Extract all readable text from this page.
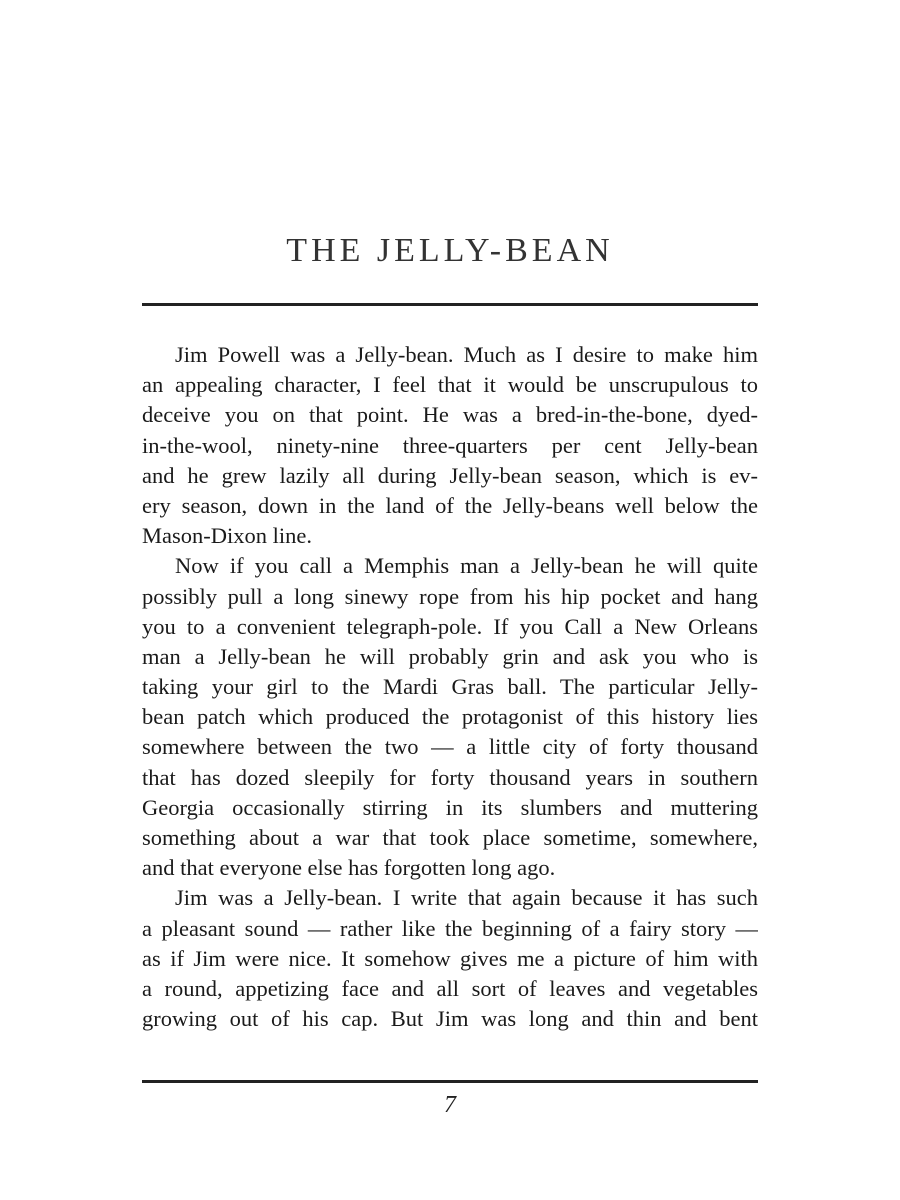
THE JELLY-BEAN
Jim Powell was a Jelly-bean. Much as I desire to make him
an appealing character, I feel that it would be unscrupulous to
deceive you on that point. He was a bred-in-the-bone, dyed-
in-the-wool, ninety-nine three-quarters per cent Jelly-bean
and he grew lazily all during Jelly-bean season, which is ev-
ery season, down in the land of the Jelly-beans well below the
Mason-Dixon line.
Now if you call a Memphis man a Jelly-bean he will quite
possibly pull a long sinewy rope from his hip pocket and hang
you to a convenient telegraph-pole. If you Call a New Orleans
man a Jelly-bean he will probably grin and ask you who is
taking your girl to the Mardi Gras ball. The particular Jelly-
bean patch which produced the protagonist of this history lies
somewhere between the two — a little city of forty thousand
that has dozed sleepily for forty thousand years in southern
Georgia occasionally stirring in its slumbers and muttering
something about a war that took place sometime, somewhere,
and that everyone else has forgotten long ago.
Jim was a Jelly-bean. I write that again because it has such
a pleasant sound — rather like the beginning of a fairy story —
as if Jim were nice. It somehow gives me a picture of him with
a round, appetizing face and all sort of leaves and vegetables
growing out of his cap. But Jim was long and thin and bent
7
